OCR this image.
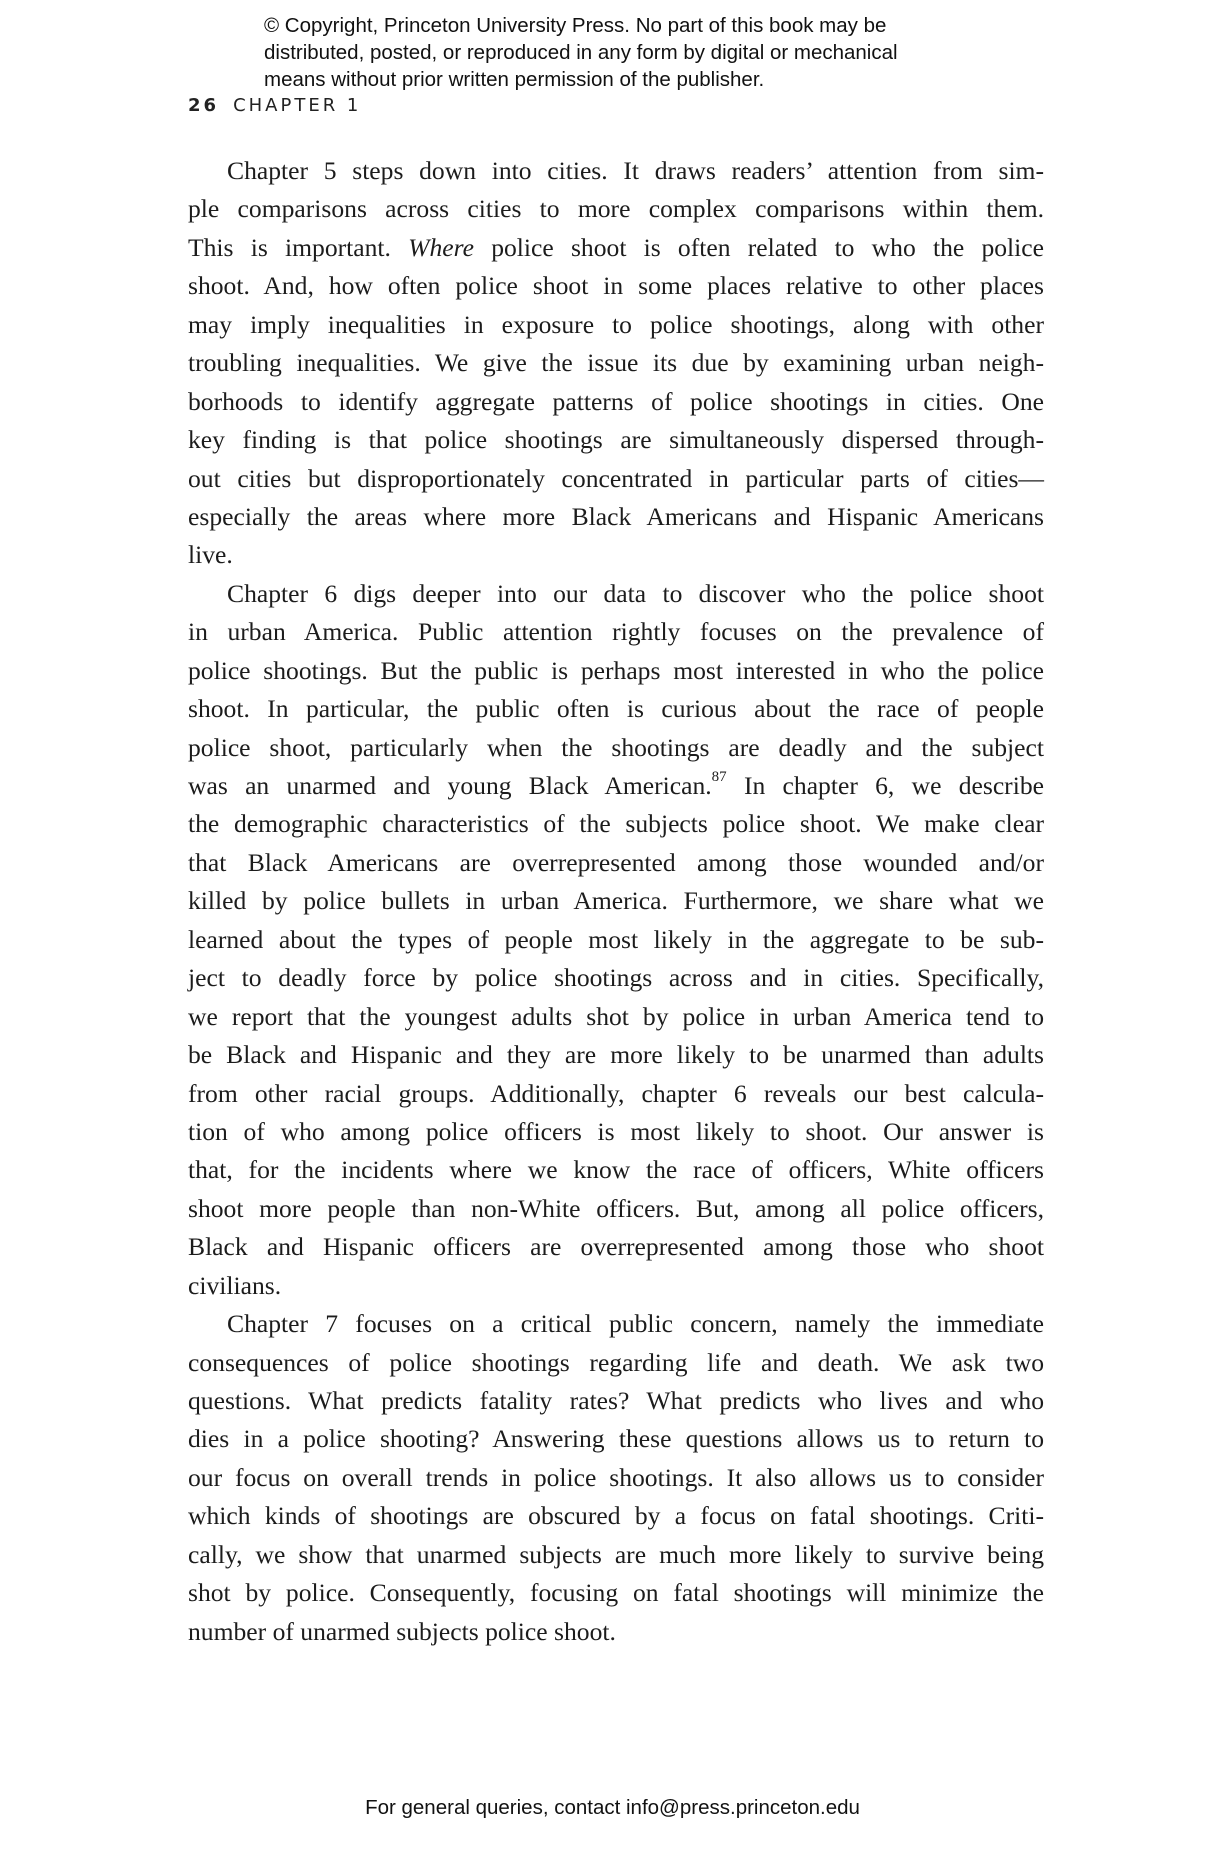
© Copyright, Princeton University Press. No part of this book may be
distributed, posted, or reproduced in any form by digital or mechanical
means without prior written permission of the publisher.
26 CHAPTER 1
Chapter 5 steps down into cities. It draws readers’ attention from sim-
ple comparisons across cities to more complex comparisons within them.
This is important. Where police shoot is often related to who the police
shoot. And, how often police shoot in some places relative to other places
may imply inequalities in exposure to police shootings, along with other
troubling inequalities. We give the issue its due by examining urban neigh-
borhoods to identify aggregate patterns of police shootings in cities. One
key finding is that police shootings are simultaneously dispersed through-
out cities but disproportionately concentrated in particular parts of cities—
especially the areas where more Black Americans and Hispanic Americans
live.
Chapter 6 digs deeper into our data to discover who the police shoot
in urban America. Public attention rightly focuses on the prevalence of
police shootings. But the public is perhaps most interested in who the police
shoot. In particular, the public often is curious about the race of people
police shoot, particularly when the shootings are deadly and the subject
was an unarmed and young Black American.$^{87}$ In chapter 6, we describe
the demographic characteristics of the subjects police shoot. We make clear
that Black Americans are overrepresented among those wounded and/or
killed by police bullets in urban America. Furthermore, we share what we
learned about the types of people most likely in the aggregate to be sub-
ject to deadly force by police shootings across and in cities. Specifically,
we report that the youngest adults shot by police in urban America tend to
be Black and Hispanic and they are more likely to be unarmed than adults
from other racial groups. Additionally, chapter 6 reveals our best calcula-
tion of who among police officers is most likely to shoot. Our answer is
that, for the incidents where we know the race of officers, White officers
shoot more people than non-White officers. But, among all police officers,
Black and Hispanic officers are overrepresented among those who shoot
civilians.
Chapter 7 focuses on a critical public concern, namely the immediate
consequences of police shootings regarding life and death. We ask two
questions. What predicts fatality rates? What predicts who lives and who
dies in a police shooting? Answering these questions allows us to return to
our focus on overall trends in police shootings. It also allows us to consider
which kinds of shootings are obscured by a focus on fatal shootings. Criti-
cally, we show that unarmed subjects are much more likely to survive being
shot by police. Consequently, focusing on fatal shootings will minimize the
number of unarmed subjects police shoot.
For general queries, contact info@press.princeton.edu
